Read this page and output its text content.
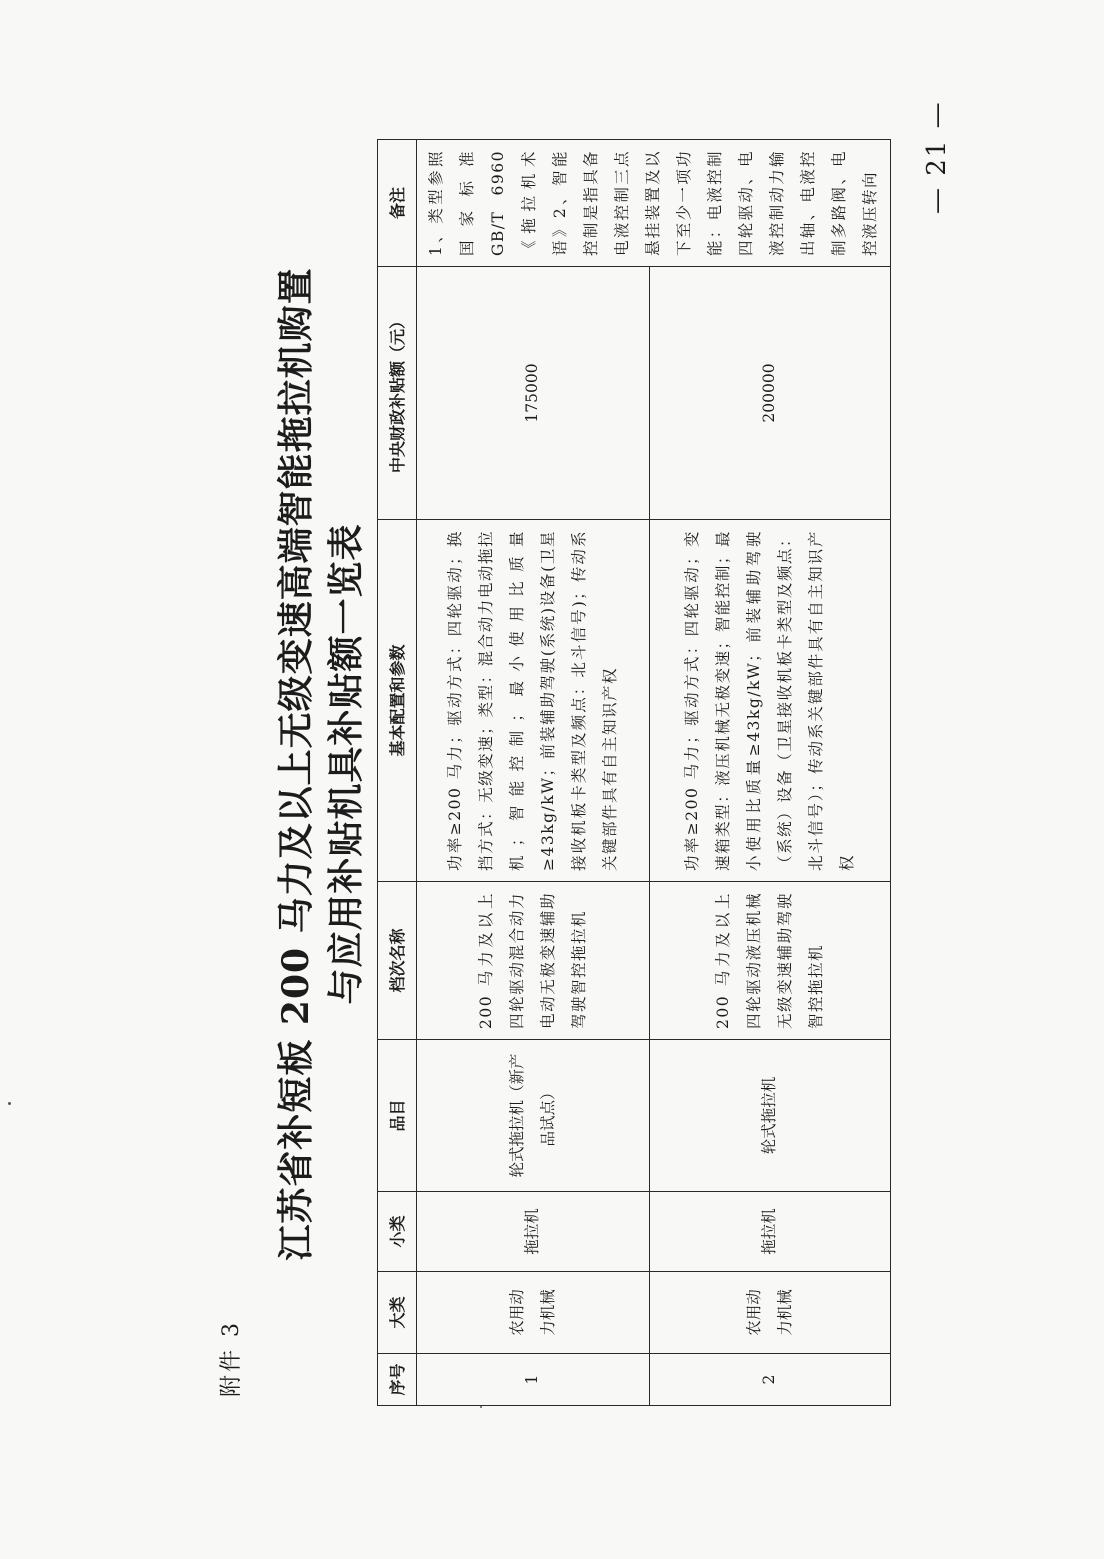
附件 3
江苏省补短板 200 马力及以上无级变速高端智能拖拉机购置 与应用补贴机具补贴额一览表
序号	大类	小类	品目	档次名称	基本配置和参数	中央财政补贴额（元）	备注
1	农用动力机械	拖拉机	轮式拖拉机（新产品试点）	200 马力及以上四轮驱动混合动力电动无极变速辅助驾驶智控拖拉机	功率≥200 马力；驱动方式：四轮驱动；换挡方式：无级变速；类型：混合动力电动拖拉机；智能控制；最小使用比质量≥43kg/kW；前装辅助驾驶(系统)设备(卫星接收机板卡类型及频点：北斗信号)；传动系关键部件具有自主知识产权	175000	1、类型参照国家标准 GB/T 6960《拖拉机术语》2、智能控制是指具备电液控制三点悬挂装置及以下至少一项功能：电液控制四轮驱动、电液控制动力输出轴、电液控制多路阀、电控液压转向
2	农用动力机械	拖拉机	轮式拖拉机	200 马力及以上四轮驱动液压机械无级变速辅助驾驶智控拖拉机	功率≥200 马力；驱动方式：四轮驱动；变速箱类型：液压机械无极变速；智能控制；最小使用比质量≥43kg/kW；前装辅助驾驶（系统）设备（卫星接收机板卡类型及频点：北斗信号）；传动系关键部件具有自主知识产权	200000	
— 21 —
